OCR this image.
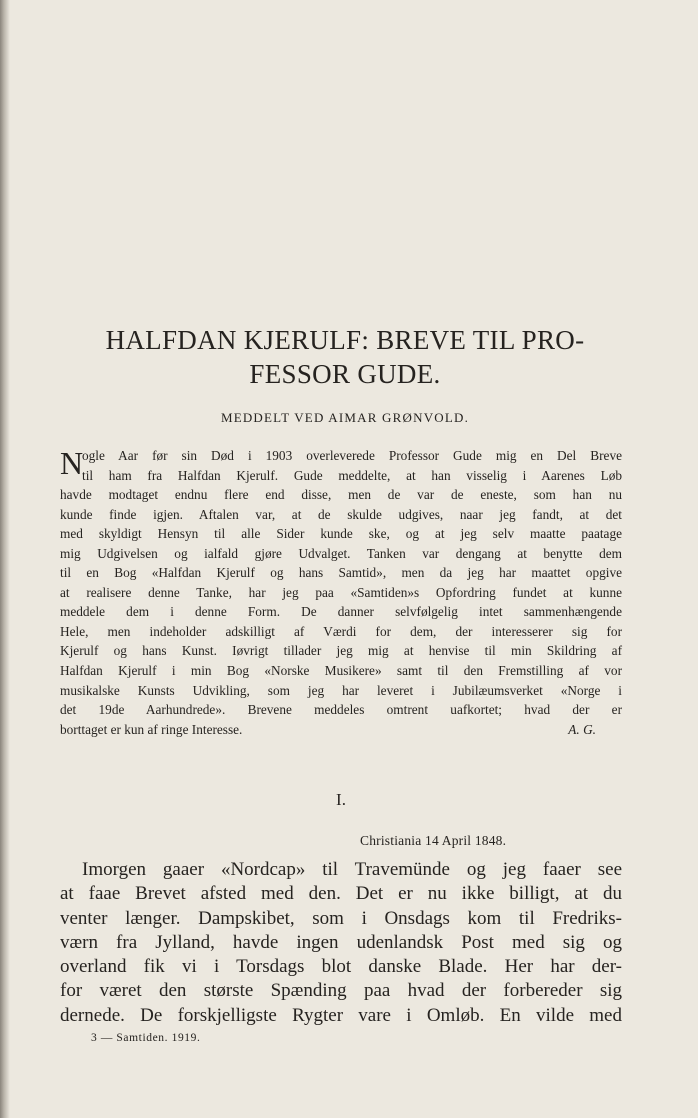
HALFDAN KJERULF: BREVE TIL PRO-
FESSOR GUDE.
MEDDELT VED AIMAR GRØNVOLD.
N
ogle Aar før sin Død i 1903 overleverede Professor Gude mig en Del Breve
til ham fra Halfdan Kjerulf. Gude meddelte, at han visselig i Aarenes Løb
havde modtaget endnu flere end disse, men de var de eneste, som han nu
kunde finde igjen. Aftalen var, at de skulde udgives, naar jeg fandt, at det
med skyldigt Hensyn til alle Sider kunde ske, og at jeg selv maatte paatage
mig Udgivelsen og ialfald gjøre Udvalget. Tanken var dengang at benytte dem
til en Bog «Halfdan Kjerulf og hans Samtid», men da jeg har maattet opgive
at realisere denne Tanke, har jeg paa «Samtiden»s Opfordring fundet at kunne
meddele dem i denne Form. De danner selvfølgelig intet sammenhængende
Hele, men indeholder adskilligt af Værdi for dem, der interesserer sig for
Kjerulf og hans Kunst. Iøvrigt tillader jeg mig at henvise til min Skildring af
Halfdan Kjerulf i min Bog «Norske Musikere» samt til den Fremstilling af vor
musikalske Kunsts Udvikling, som jeg har leveret i Jubilæumsverket «Norge i
det 19de Aarhundrede». Brevene meddeles omtrent uafkortet; hvad der er
borttaget er kun af ringe Interesse.	A. G.
I.
Christiania 14 April 1848.
Imorgen gaaer «Nordcap» til Travemünde og jeg faaer see
at faae Brevet afsted med den. Det er nu ikke billigt, at du
venter længer. Dampskibet, som i Onsdags kom til Fredriks-
værn fra Jylland, havde ingen udenlandsk Post med sig og
overland fik vi i Torsdags blot danske Blade. Her har der-
for været den største Spænding paa hvad der forbereder sig
dernede. De forskjelligste Rygter vare i Omløb. En vilde med
3 — Samtiden. 1919.
